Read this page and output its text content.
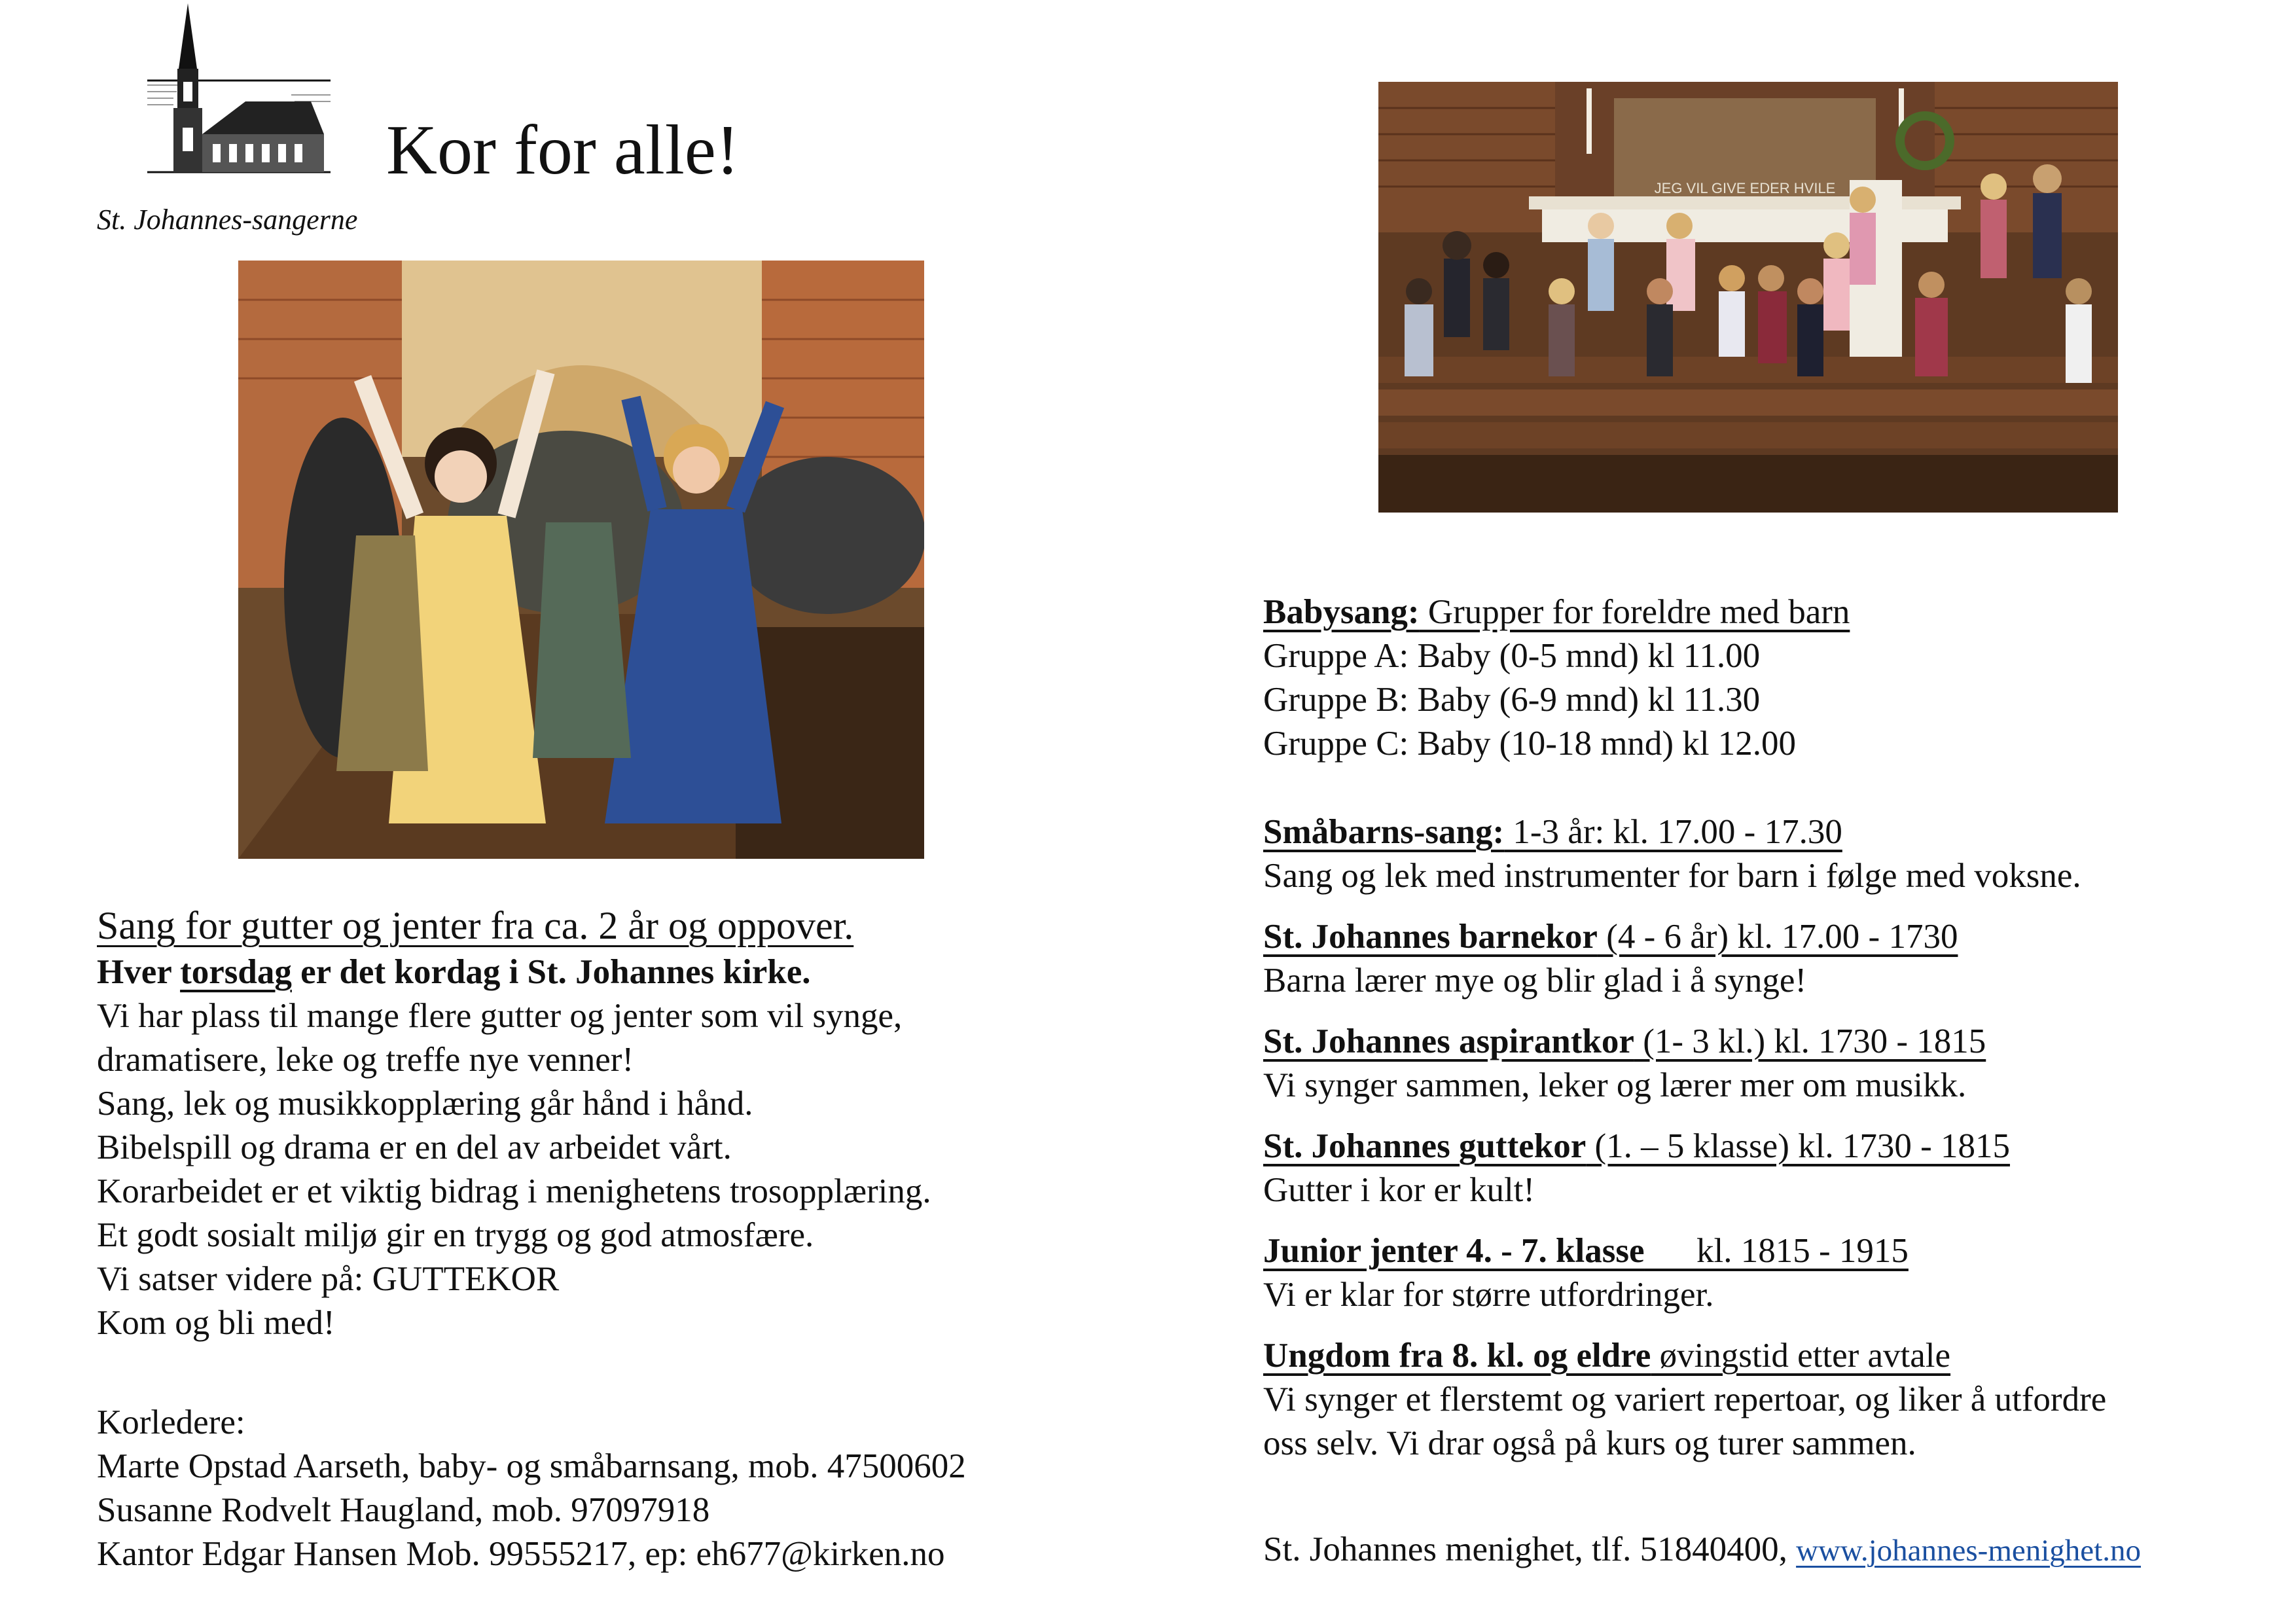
St. Johannes-sangerne
Kor for alle!	JEG VIL GIVE EDER HVILE
Sang for gutter og jenter fra ca. 2 år og oppover.
Hver torsdag er det kordag i St. Johannes kirke.
Vi har plass til mange flere gutter og jenter som vil synge,
dramatisere, leke og treffe nye venner!
Sang, lek og musikkopplæring går hånd i hånd.
Bibelspill og drama er en del av arbeidet vårt.
Korarbeidet er et viktig bidrag i menighetens trosopplæring.
Et godt sosialt miljø gir en trygg og god atmosfære.
Vi satser videre på: GUTTEKOR
Kom og bli med!
Korledere:
Marte Opstad Aarseth, baby- og småbarnsang, mob. 47500602
Susanne Rodvelt Haugland, mob. 97097918
Kantor Edgar Hansen Mob. 99555217, ep: eh677@kirken.no
Babysang: Grupper for foreldre med barn
Gruppe A: Baby (0-5 mnd) kl 11.00
Gruppe B: Baby (6-9 mnd) kl 11.30
Gruppe C: Baby (10-18 mnd) kl 12.00
Småbarns-sang: 1-3 år: kl. 17.00 - 17.30
Sang og lek med instrumenter for barn i følge med voksne.
St. Johannes barnekor (4 - 6 år) kl. 17.00 - 1730
Barna lærer mye og blir glad i å synge!
St. Johannes aspirantkor (1- 3 kl.) kl. 1730 - 1815
Vi synger sammen, leker og lærer mer om musikk.
St. Johannes guttekor (1. – 5 klasse) kl. 1730 - 1815
Gutter i kor er kult!
Junior jenter 4. - 7. klasse      kl. 1815 - 1915
Vi er klar for større utfordringer.
Ungdom fra 8. kl. og eldre øvingstid etter avtale
Vi synger et flerstemt og variert repertoar, og liker å utfordre
oss selv. Vi drar også på kurs og turer sammen.
St. Johannes menighet, tlf. 51840400, www.johannes-menighet.no
